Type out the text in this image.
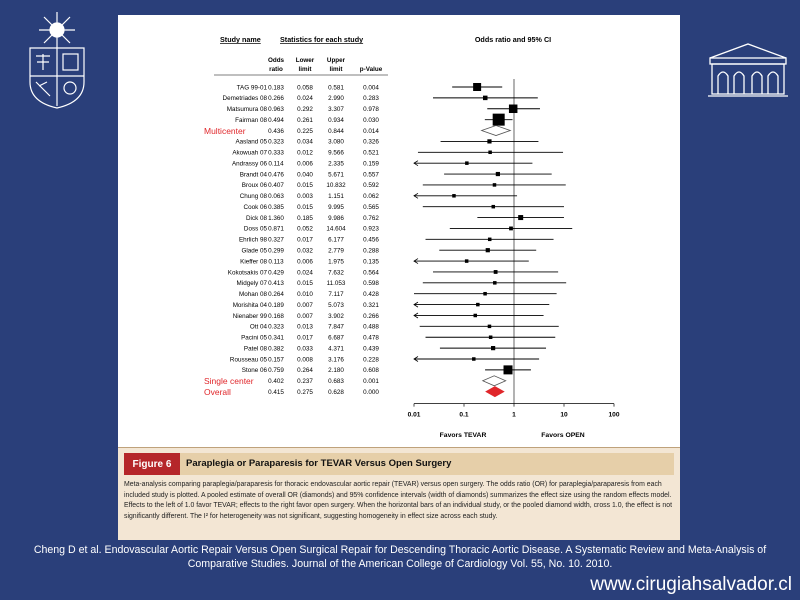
Study name	Statistics for each study	Odds ratio and 95% CI
Odds
ratio
Lower
limit
Upper
limit	p-Value
Favors TEVAR	Favors OPEN
0.01	0.1	1	10	100
TAG 99-01 0.183 0.058 0.581	0.004
Demetriades 08 0.266 0.024 2.990	0.283
Matsumura 08 0.963 0.292 3.307	0.978
Fairman 08 0.494 0.261 0.934	0.030
Multicenter	0.436 0.225 0.844	0.014
Aasland 05 0.323 0.034 3.080	0.326
Akowuah 07 0.333 0.012 9.566	0.521
Andrassy 06 0.114 0.006 2.335	0.159
Brandt 04 0.476 0.040 5.671	0.557
Broux 06 0.407 0.015 10.832	0.592
Chung 08 0.063 0.003 1.151	0.062
Cook 06 0.385 0.015 9.995	0.565
Dick 08 1.360 0.185 9.986	0.762
Doss 05 0.871 0.052 14.604	0.923
Ehrlich 98 0.327 0.017 6.177	0.456
Glade 05 0.299 0.032 2.779	0.288
Kieffer 08 0.113 0.006 1.975	0.135
Kokotsakis 07 0.429 0.024 7.632	0.564
Midgely 07 0.413 0.015 11.053	0.598
Mohan 08 0.264 0.010 7.117	0.428
Morishita 04 0.189 0.007 5.073	0.321
Nienaber 99 0.168 0.007 3.902	0.266
Ott 04 0.323 0.013 7.847	0.488
Pacini 05 0.341 0.017 6.687	0.478
Patel 08 0.382 0.033 4.371	0.439
Rousseau 05 0.157 0.008 3.176	0.228
Stone 06 0.759 0.264 2.180	0.608
Single center 0.402 0.237 0.683	0.001
Overall	0.415 0.275 0.628	0.000
Figure 6	Paraplegia or Paraparesis for TEVAR Versus Open Surgery
Meta-analysis comparing paraplegia/paraparesis for thoracic endovascular aortic repair (TEVAR) versus open surgery. The odds ratio (OR) for paraplegia/paraparesis from each included study is plotted. A pooled estimate of overall OR (diamonds) and 95% confidence intervals (width of diamonds) summarizes the effect size using the random effects model. Effects to the left of 1.0 favor TEVAR; effects to the right favor open surgery. When the horizontal bars of an individual study, or the pooled diamond width, cross 1.0, the effect is not significantly different. The I² for heterogeneity was not significant, suggesting homogeneity in effect size across each study.
Cheng D et al. Endovascular Aortic Repair Versus Open Surgical Repair for Descending Thoracic Aortic Disease. A Systematic Review and Meta-Analysis of Comparative Studies. Journal of the American College of Cardiology Vol. 55, No. 10. 2010.
www.cirugiahsalvador.cl
